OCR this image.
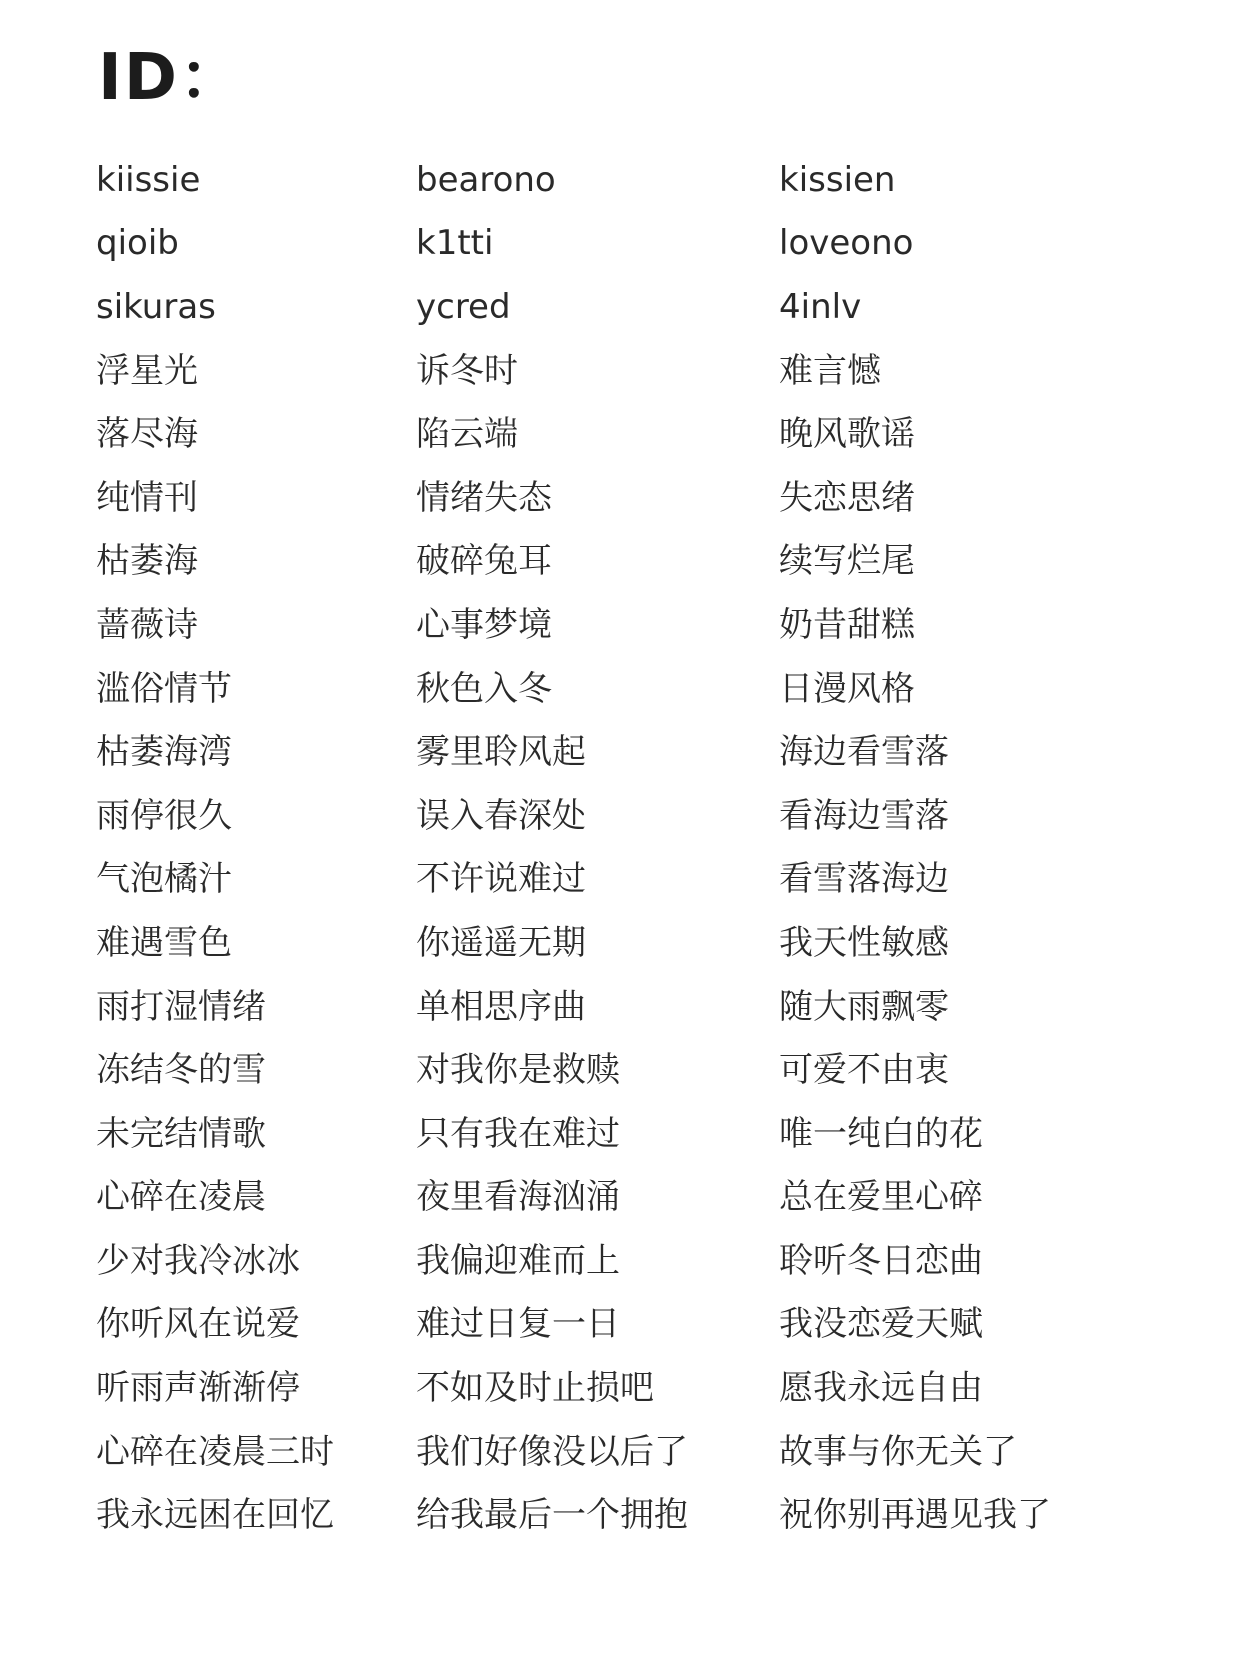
ID：
kiissie	bearono	kissien
qioib	k1tti	loveono
sikuras	ycred	4inlv
浮星光	诉冬时	难言憾
落尽海	陷云端	晚风歌谣
纯情刊	情绪失态	失恋思绪
枯萎海	破碎兔耳	续写烂尾
蔷薇诗	心事梦境	奶昔甜糕
滥俗情节	秋色入冬	日漫风格
枯萎海湾	雾里聆风起	海边看雪落
雨停很久	误入春深处	看海边雪落
气泡橘汁	不许说难过	看雪落海边
难遇雪色	你遥遥无期	我天性敏感
雨打湿情绪	单相思序曲	随大雨飘零
冻结冬的雪	对我你是救赎	可爱不由衷
未完结情歌	只有我在难过	唯一纯白的花
心碎在凌晨	夜里看海汹涌	总在爱里心碎
少对我冷冰冰	我偏迎难而上	聆听冬日恋曲
你听风在说爱	难过日复一日	我没恋爱天赋
听雨声渐渐停	不如及时止损吧	愿我永远自由
心碎在凌晨三时	我们好像没以后了	故事与你无关了
我永远困在回忆	给我最后一个拥抱	祝你别再遇见我了
